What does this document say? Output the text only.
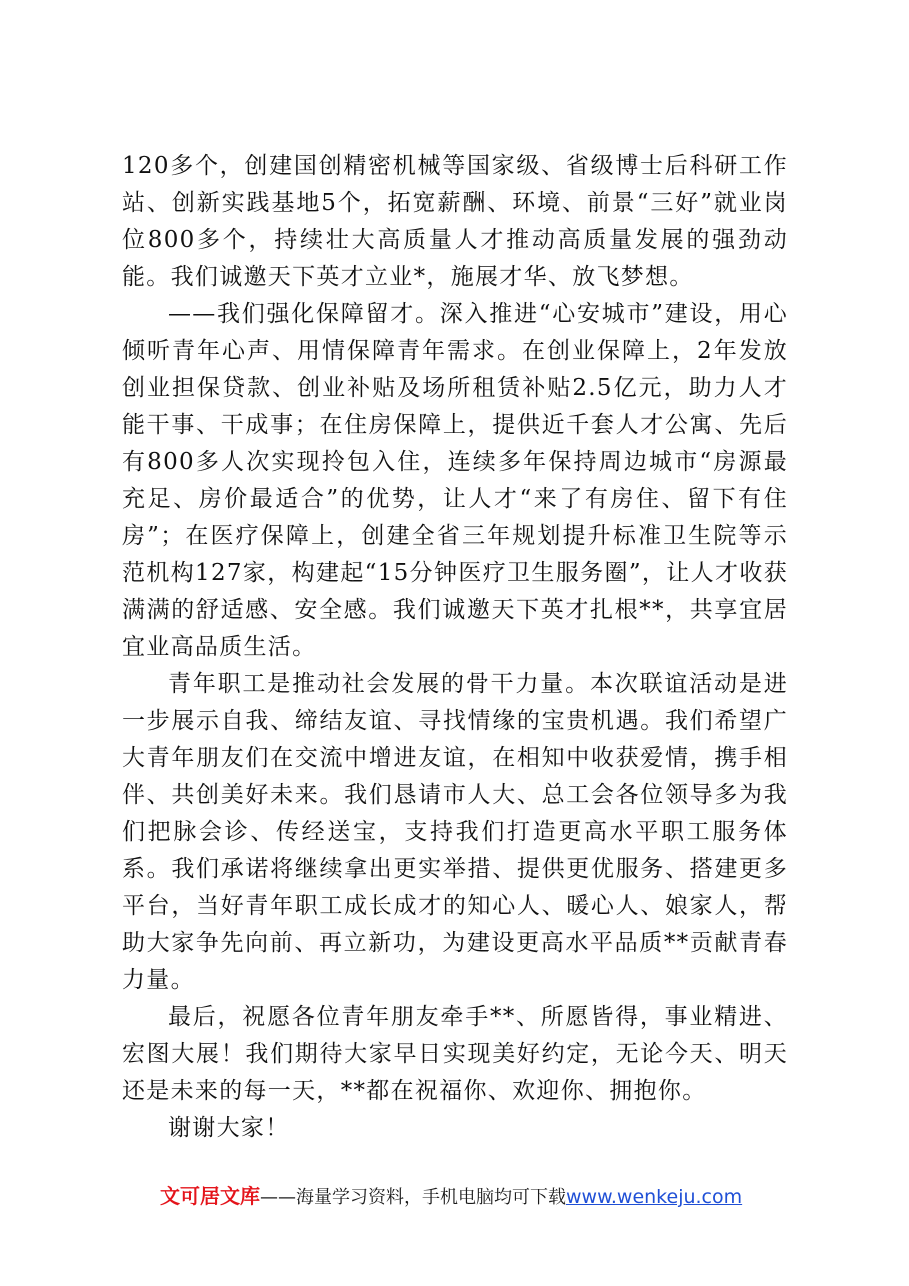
120多个，创建国创精密机械等国家级、省级博士后科研工作站、创新实践基地5个，拓宽薪酬、环境、前景“三好”就业岗位800多个，持续壮大高质量人才推动高质量发展的强劲动能。我们诚邀天下英才立业*，施展才华、放飞梦想。

——我们强化保障留才。深入推进“心安城市”建设，用心倾听青年心声、用情保障青年需求。在创业保障上，2年发放创业担保贷款、创业补贴及场所租赁补贴2.5亿元，助力人才能干事、干成事；在住房保障上，提供近千套人才公寓、先后有800多人次实现拎包入住，连续多年保持周边城市“房源最充足、房价最适合”的优势，让人才“来了有房住、留下有住房”；在医疗保障上，创建全省三年规划提升标准卫生院等示范机构127家，构建起“15分钟医疗卫生服务圈”，让人才收获满满的舒适感、安全感。我们诚邀天下英才扎根**，共享宜居宜业高品质生活。

青年职工是推动社会发展的骨干力量。本次联谊活动是进一步展示自我、缔结友谊、寻找情缘的宝贵机遇。我们希望广大青年朋友们在交流中增进友谊，在相知中收获爱情，携手相伴、共创美好未来。我们恳请市人大、总工会各位领导多为我们把脉会诊、传经送宝，支持我们打造更高水平职工服务体系。我们承诺将继续拿出更实举措、提供更优服务、搭建更多平台，当好青年职工成长成才的知心人、暖心人、娘家人，帮助大家争先向前、再立新功，为建设更高水平品质**贡献青春力量。

最后，祝愿各位青年朋友牵手**、所愿皆得，事业精进、宏图大展！我们期待大家早日实现美好约定，无论今天、明天还是未来的每一天，**都在祝福你、欢迎你、拥抱你。

谢谢大家！

文可居文库——海量学习资料，手机电脑均可下载www.wenkeju.com
